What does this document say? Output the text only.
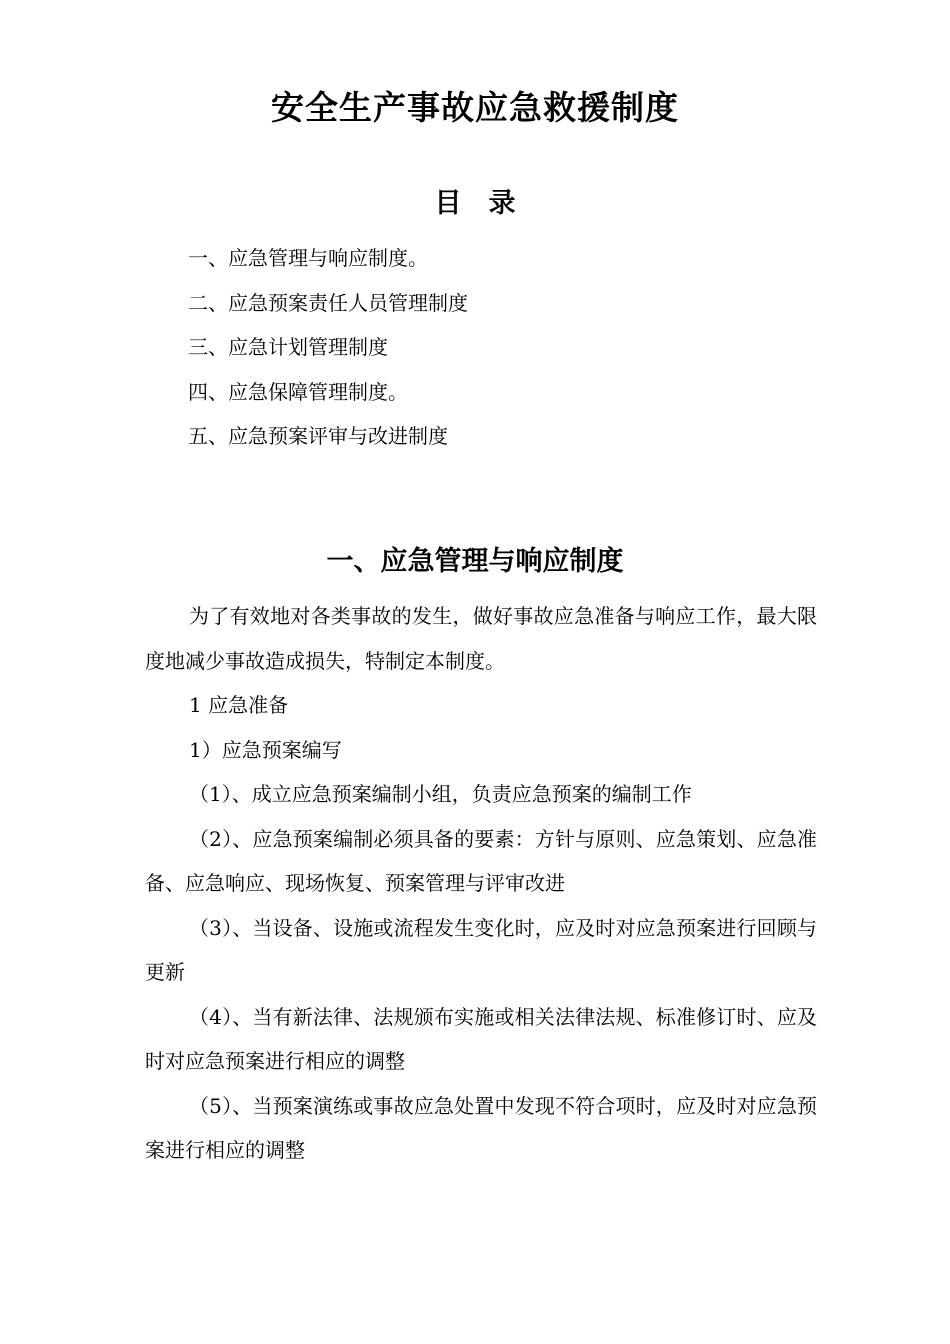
安全生产事故应急救援制度
目　录
一、应急管理与响应制度。
二、应急预案责任人员管理制度
三、应急计划管理制度
四、应急保障管理制度。
五、应急预案评审与改进制度
一、应急管理与响应制度

为了有效地对各类事故的发生，做好事故应急准备与响应工作，最大限度地减少事故造成损失，特制定本制度。

1 应急准备

1）应急预案编写

（1）、成立应急预案编制小组，负责应急预案的编制工作

（2）、应急预案编制必须具备的要素：方针与原则、应急策划、应急准备、应急响应、现场恢复、预案管理与评审改进

（3）、当设备、设施或流程发生变化时，应及时对应急预案进行回顾与更新

（4）、当有新法律、法规颁布实施或相关法律法规、标准修订时、应及时对应急预案进行相应的调整

（5）、当预案演练或事故应急处置中发现不符合项时，应及时对应急预案进行相应的调整
